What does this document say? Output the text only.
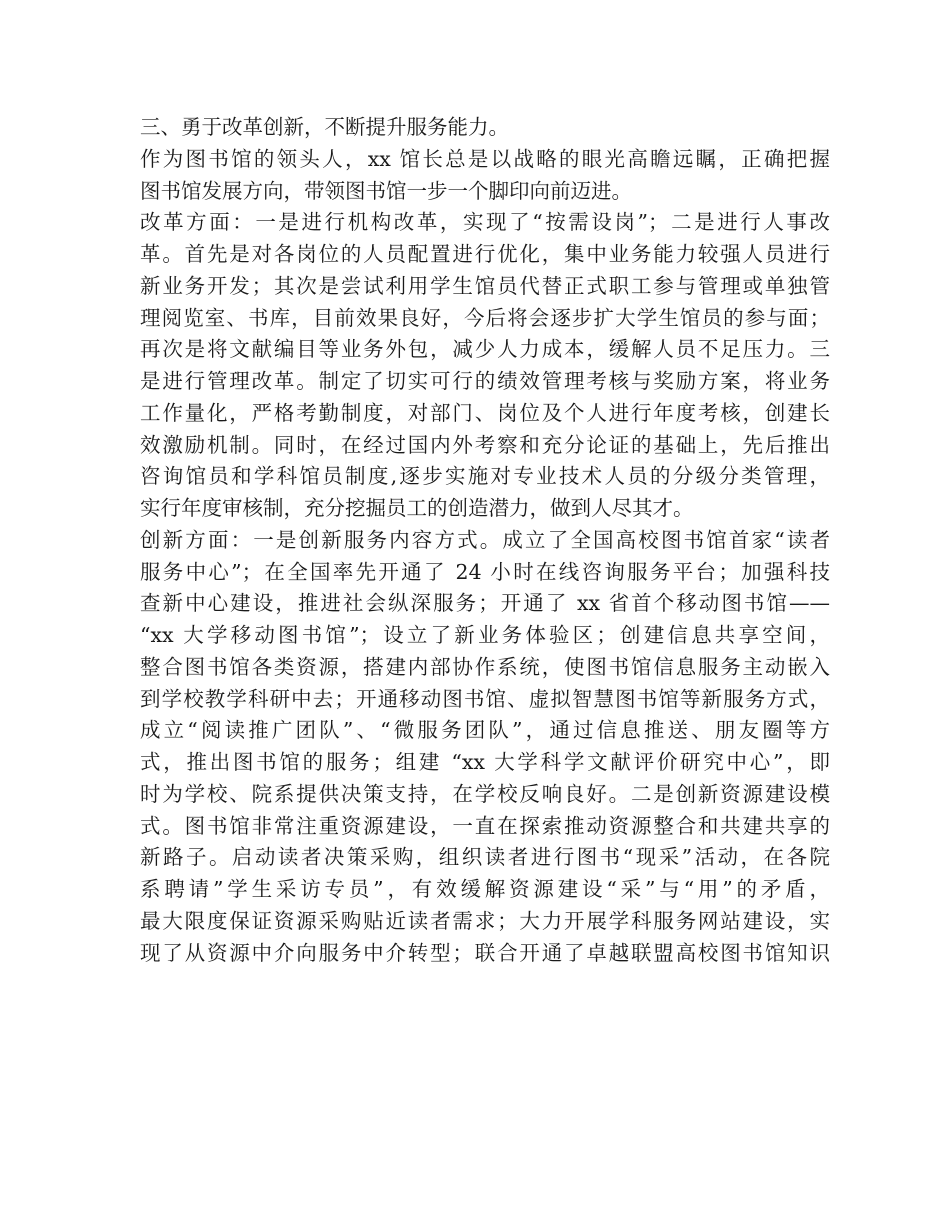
三、勇于改革创新，不断提升服务能力。
作为图书馆的领头人，xx 馆长总是以战略的眼光高瞻远瞩，正确把握
图书馆发展方向，带领图书馆一步一个脚印向前迈进。
改革方面：一是进行机构改革，实现了“按需设岗”；二是进行人事改
革。首先是对各岗位的人员配置进行优化，集中业务能力较强人员进行
新业务开发；其次是尝试利用学生馆员代替正式职工参与管理或单独管
理阅览室、书库，目前效果良好，今后将会逐步扩大学生馆员的参与面；
再次是将文献编目等业务外包，减少人力成本，缓解人员不足压力。三
是进行管理改革。制定了切实可行的绩效管理考核与奖励方案，将业务
工作量化，严格考勤制度，对部门、岗位及个人进行年度考核，创建长
效激励机制。同时，在经过国内外考察和充分论证的基础上，先后推出
咨询馆员和学科馆员制度,逐步实施对专业技术人员的分级分类管理，
实行年度审核制，充分挖掘员工的创造潜力，做到人尽其才。
创新方面：一是创新服务内容方式。成立了全国高校图书馆首家“读者
服务中心”；在全国率先开通了 24 小时在线咨询服务平台；加强科技
查新中心建设，推进社会纵深服务；开通了 xx 省首个移动图书馆——
“xx 大学移动图书馆”；设立了新业务体验区；创建信息共享空间，
整合图书馆各类资源，搭建内部协作系统，使图书馆信息服务主动嵌入
到学校教学科研中去；开通移动图书馆、虚拟智慧图书馆等新服务方式，
成立“阅读推广团队”、“微服务团队”，通过信息推送、朋友圈等方
式，推出图书馆的服务；组建 “xx 大学科学文献评价研究中心”，即
时为学校、院系提供决策支持，在学校反响良好。二是创新资源建设模
式。图书馆非常注重资源建设，一直在探索推动资源整合和共建共享的
新路子。启动读者决策采购，组织读者进行图书“现采”活动，在各院
系聘请”学生采访专员”，有效缓解资源建设“采”与“用”的矛盾，
最大限度保证资源采购贴近读者需求；大力开展学科服务网站建设，实
现了从资源中介向服务中介转型；联合开通了卓越联盟高校图书馆知识
